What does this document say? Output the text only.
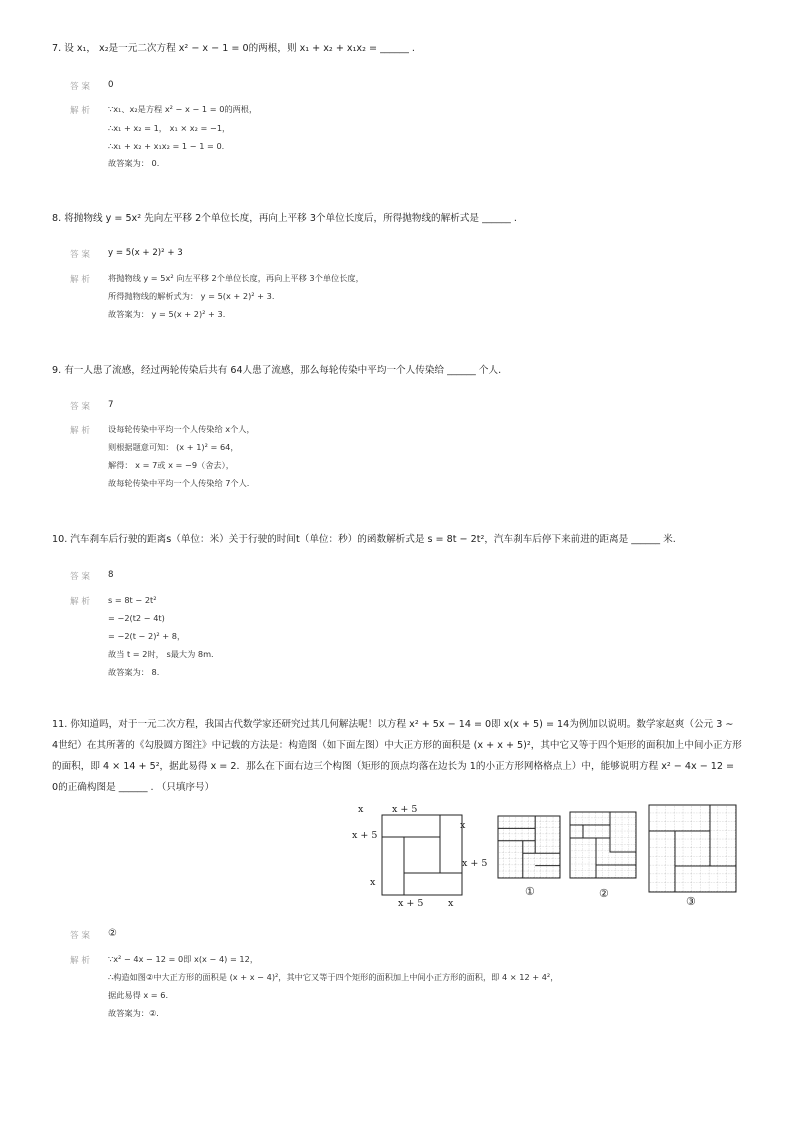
7. 设 x₁， x₂是一元二次方程 x² − x − 1 = 0的两根，则 x₁ + x₂ + x₁x₂ = ______ .
答 案 0
解 析 ∵x₁、x₂是方程 x² − x − 1 = 0的两根，
∴x₁ + x₂ = 1， x₁ × x₂ = −1，
∴x₁ + x₂ + x₁x₂ = 1 − 1 = 0.
故答案为： 0.
8. 将抛物线 y = 5x² 先向左平移 2个单位长度，再向上平移 3个单位长度后，所得抛物线的解析式是 ______ .
答 案 y = 5(x + 2)² + 3
解 析 将抛物线 y = 5x² 向左平移 2个单位长度，再向上平移 3个单位长度，
所得抛物线的解析式为： y = 5(x + 2)² + 3.
故答案为： y = 5(x + 2)² + 3.
9. 有一人患了流感，经过两轮传染后共有 64人患了流感，那么每轮传染中平均一个人传染给 ______ 个人.
答 案 7
解 析 设每轮传染中平均一个人传染给 x个人，
则根据题意可知： (x + 1)² = 64，
解得： x = 7或 x = −9（舍去），
故每轮传染中平均一个人传染给 7个人.
10. 汽车刹车后行驶的距离s（单位：米）关于行驶的时间t（单位：秒）的函数解析式是 s = 8t − 2t²，汽车刹车后停下来前进的距离是 ______ 米.
答 案 8
解 析 s = 8t − 2t²
= −2(t2 − 4t)
= −2(t − 2)² + 8，
故当 t = 2时， s最大为 8m.
故答案为： 8.
11. 你知道吗，对于一元二次方程，我国古代数学家还研究过其几何解法呢！以方程 x² + 5x − 14 = 0即 x(x + 5) = 14为例加以说明。数学家赵爽（公元 3 ∼ 4世纪）在其所著的《勾股圆方图注》中记载的方法是：构造图（如下面左图）中大正方形的面积是 (x + x + 5)²，其中它又等于四个矩形的面积加上中间小正方形的面积，即 4 × 14 + 5²，据此易得 x = 2．那么在下面右边三个构图（矩形的顶点均落在边长为 1的小正方形网格格点上）中，能够说明方程 x² − 4x − 12 = 0的正确构图是 ______ . （只填序号）
x	x + 5
x + 5
x
x
x + 5
x + 5	x
①	②
③
答 案 ②
解 析 ∵x² − 4x − 12 = 0即 x(x − 4) = 12，
∴构造如图②中大正方形的面积是 (x + x − 4)²，其中它又等于四个矩形的面积加上中间小正方形的面积，即 4 × 12 + 4²，
据此易得 x = 6.
故答案为：②.
